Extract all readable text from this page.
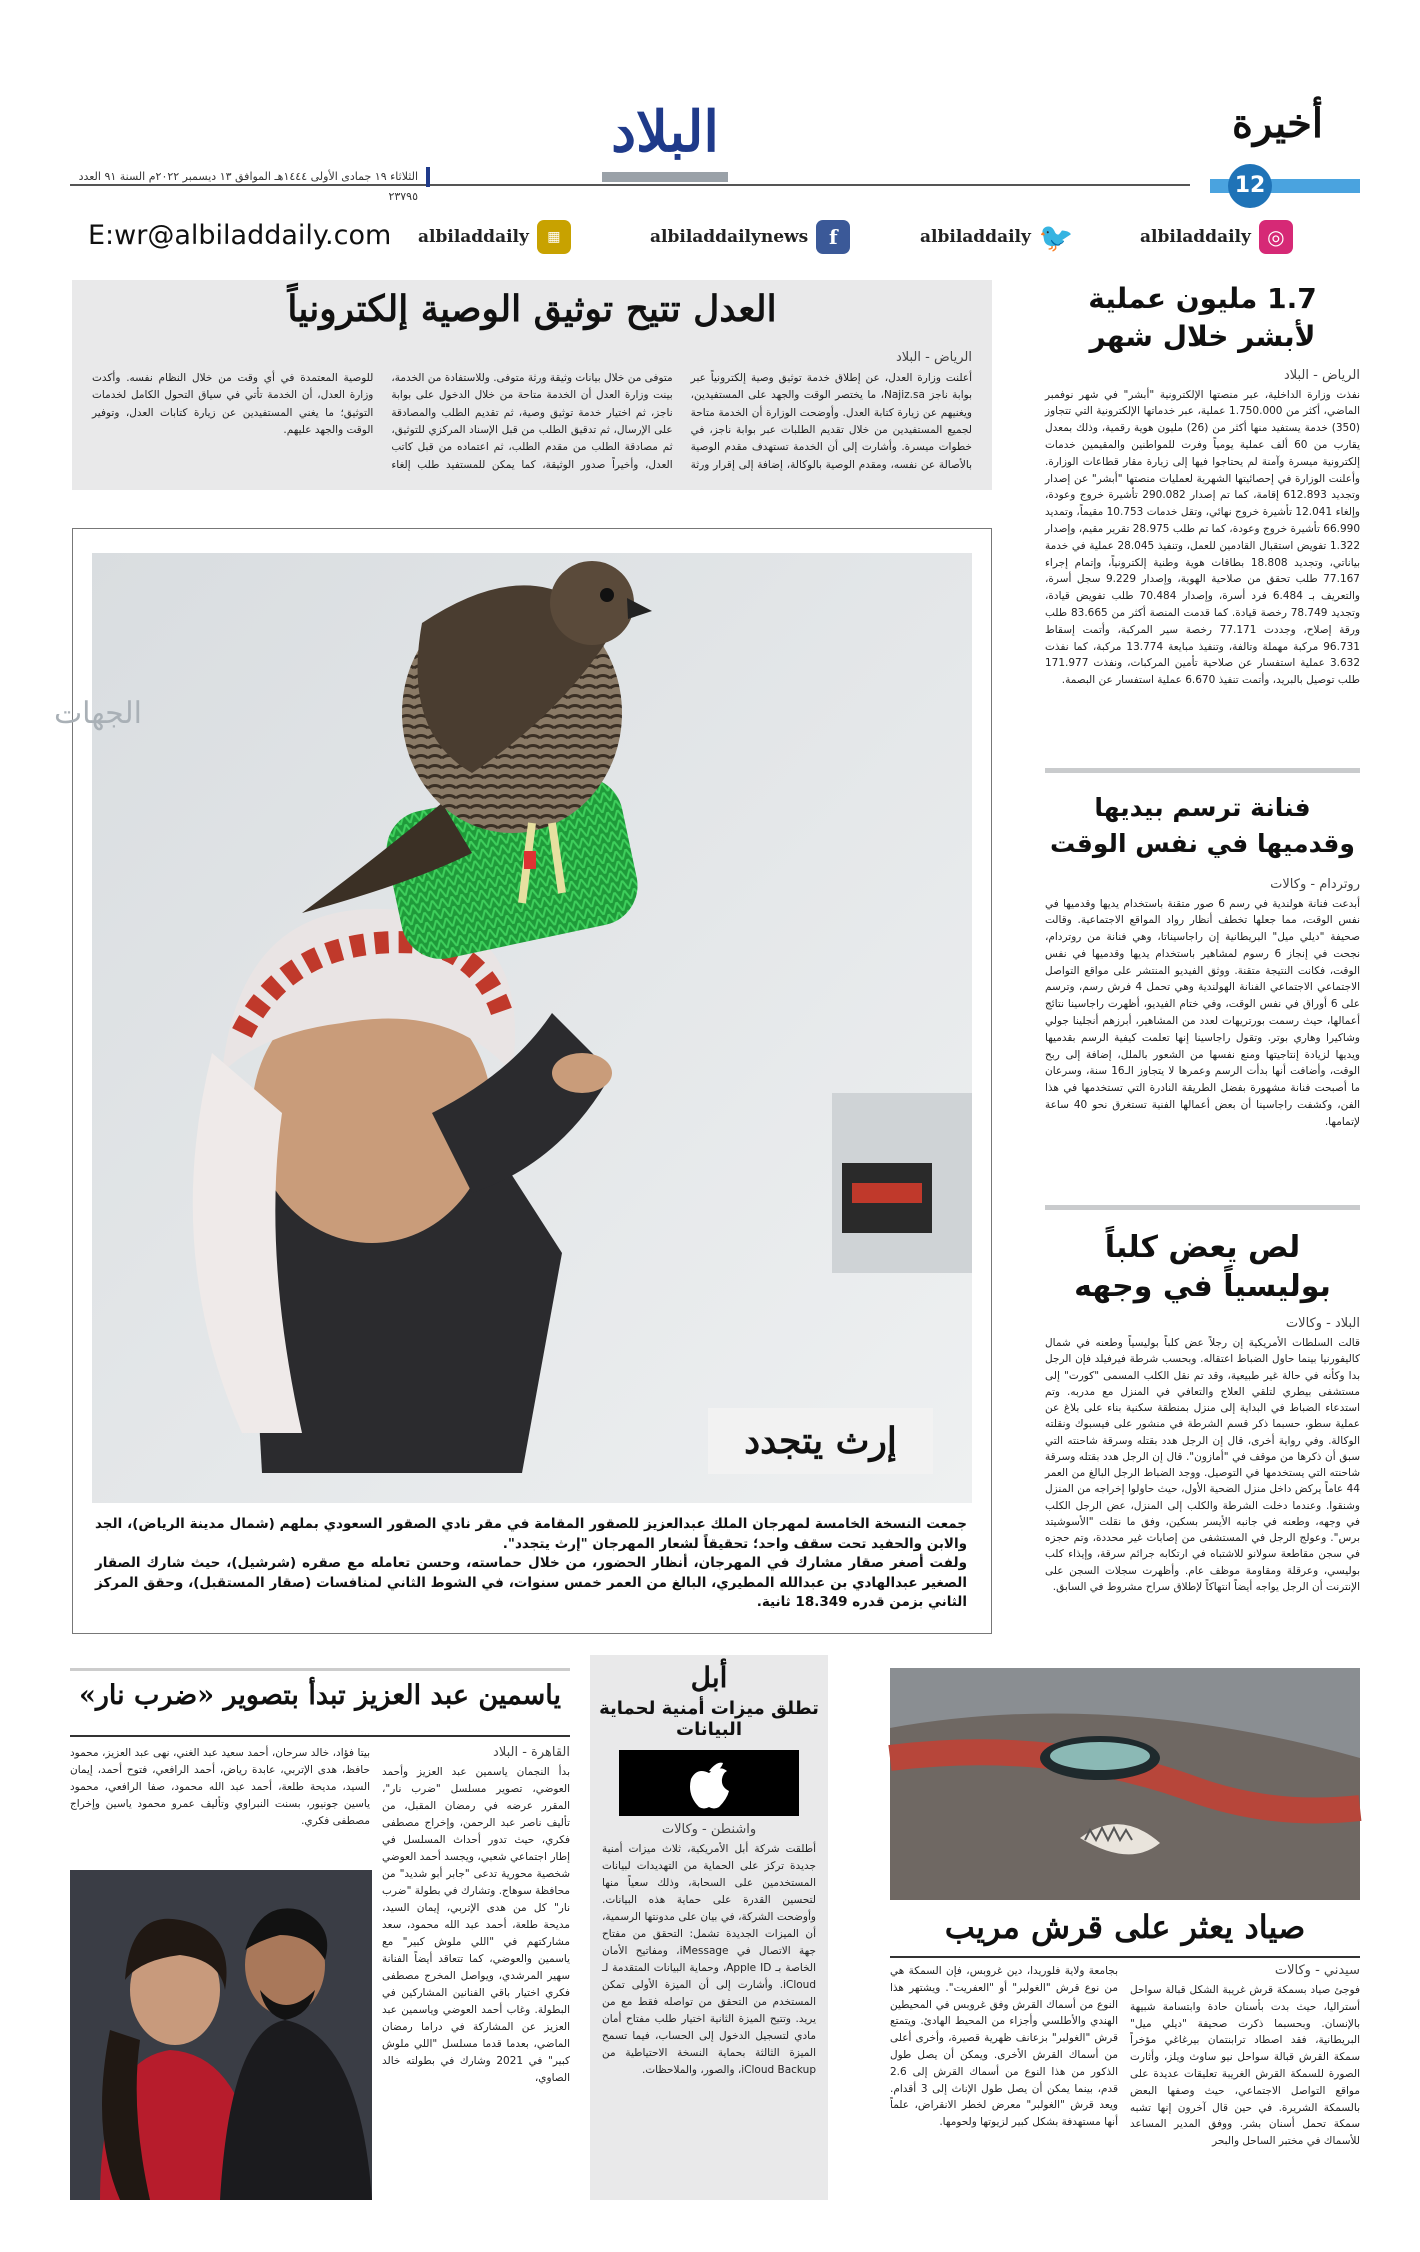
البلاد
الثلاثاء ١٩ جمادى الأولى ١٤٤٤هـ الموافق ١٣ ديسمبر ٢٠٢٢م السنة ٩١ العدد ٢٣٧٩٥
أخيرة
12
◎
albiladdaily
🐦
albiladdaily
f
albiladdailynews
▦
albiladdaily
E:wr@albiladdaily.com
1.7 مليون عملية
لأبشر خلال شهر
الرياض - البلاد
نفذت وزارة الداخلية، عبر منصتها الإلكترونية "أبشر" في شهر نوفمبر الماضي، أكثر من 1.750.000 عملية، عبر خدماتها الإلكترونية التي تتجاوز (350) خدمة يستفيد منها أكثر من (26) مليون هوية رقمية، وذلك بمعدل يقارب من 60 ألف عملية يومياً وفرت للمواطنين والمقيمين خدمات إلكترونية ميسرة وآمنة لم يحتاجوا فيها إلى زيارة مقار قطاعات الوزارة. وأعلنت الوزارة في إحصائيتها الشهرية لعمليات منصتها "أبشر" عن إصدار وتجديد 612.893 إقامة، كما تم إصدار 290.082 تأشيرة خروج وعودة، وإلغاء 12.041 تأشيرة خروج نهائي، وتقل خدمات 10.753 مقيماً، وتمديد 66.990 تأشيرة خروج وعودة، كما تم طلب 28.975 تقرير مقيم، وإصدار 1.322 تفويض استقبال القادمين للعمل، وتنفيذ 28.045 عملية في خدمة بياناتي، وتجديد 18.808 بطاقات هوية وطنية إلكترونياً، وإتمام إجراء 77.167 طلب تحقق من صلاحية الهوية، وإصدار 9.229 سجل أسرة، والتعريف بـ 6.484 فرد أسرة، وإصدار 70.484 طلب تفويض قيادة، وتجديد 78.749 رخصة قيادة. كما قدمت المنصة أكثر من 83.665 طلب ورقة إصلاح، وجددت 77.171 رخصة سير المركبة، وأتمت إسقاط 96.731 مركبة مهملة وتالفة، وتنفيذ مبايعة 13.774 مركبة، كما نفذت 3.632 عملية استفسار عن صلاحية تأمين المركبات، ونفذت 171.977 طلب توصيل بالبريد، وأتمت تنفيذ 6.670 عملية استفسار عن البصمة.
فنانة ترسم بيديها
وقدميها في نفس الوقت
روتردام - وكالات
أبدعت فنانة هولندية في رسم 6 صور متقنة باستخدام يديها وقدميها في نفس الوقت، مما جعلها تخطف أنظار رواد المواقع الاجتماعية. وقالت صحيفة "ديلي ميل" البريطانية إن راجاسيناتا، وهي فنانة من روتردام، نجحت في إنجاز 6 رسوم لمشاهير باستخدام يديها وقدميها في نفس الوقت، فكانت النتيجة متقنة. ووثق الفيديو المنتشر على مواقع التواصل الاجتماعي الاجتماعي الفنانة الهولندية وهي تحمل 4 فرش رسم، وترسم على 6 أوراق في نفس الوقت، وفي ختام الفيديو، أظهرت راجاسينا نتائج أعمالها، حيث رسمت بورتريهات لعدد من المشاهير، أبرزهم أنجلينا جولي وشاكيرا وهاري بوتر. وتقول راجاسينا إنها تعلمت كيفية الرسم بقدميها ويديها لزيادة إنتاجيتها ومنع نفسها من الشعور بالملل، إضافة إلى ربح الوقت، وأضافت أنها بدأت الرسم وعمرها لا يتجاوز الـ16 سنة، وسرعان ما أصبحت فنانة مشهورة بفضل الطريقة النادرة التي تستخدمها في هذا الفن، وكشفت راجاسينا أن بعض أعمالها الفنية تستغرق نحو 40 ساعة لإتمامها.
لص يعض كلباً
بوليسياً في وجهه
البلاد - وكالات
قالت السلطات الأمريكية إن رجلاً عض كلباً بوليسياً وطعنه في شمال كاليفورنيا بينما حاول الضباط اعتقاله. وبحسب شرطة فيرفيلد فإن الرجل بدا وكأنه في حالة غير طبيعية، وقد تم نقل الكلب المسمى "كورت" إلى مستشفى بيطري لتلقي العلاج والتعافي في المنزل مع مدربه. وتم استدعاء الضباط في البداية إلى منزل بمنطقة سكنية بناء على بلاغ عن عملية سطو، حسبما ذكر قسم الشرطة في منشور على فيسبوك ونقلته الوكالة. وفي رواية أخرى، قال إن الرجل هدد بقتله وسرقة شاحنته التي سبق أن ذكرها من موقف في "أمازون". قال إن الرجل هدد بقتله وسرقة شاحنته التي يستخدمها في التوصيل. ووجد الضباط الرجل البالغ من العمر 44 عاماً يركض داخل منزل الضحية الأول، حيث حاولوا إخراجه من المنزل وشنقوا. وعندما دخلت الشرطة والكلب إلى المنزل، عض الرجل الكلب في وجهه، وطعنه في جانبه الأيسر بسكين، وفق ما نقلت "الأسوشيتد برس". وعولج الرجل في المستشفى من إصابات غير محددة، وتم حجزه في سجن مقاطعة سولانو للاشتباه في ارتكابه جرائم سرقة، وإيذاء كلب بوليسي، وعرقلة ومقاومة موظف عام. وأظهرت سجلات السجن على الإنترنت أن الرجل يواجه أيضاً انتهاكاً لإطلاق سراح مشروط في السابق.
العدل تتيح توثيق الوصية إلكترونياً
الرياض - البلاد
أعلنت وزارة العدل، عن إطلاق خدمة توثيق وصية إلكترونياً عبر بوابة ناجز Najiz.sa، ما يختصر الوقت والجهد على المستفيدين، ويغنيهم عن زيارة كتابة العدل. وأوضحت الوزارة أن الخدمة متاحة لجميع المستفيدين من خلال تقديم الطلبات عبر بوابة ناجز، في خطوات ميسرة. وأشارت إلى أن الخدمة تستهدف مقدم الوصية بالأصالة عن نفسه، ومقدم الوصية بالوكالة، إضافة إلى إقرار ورثة متوفى من خلال بيانات وثيقة ورثة متوفى. وللاستفادة من الخدمة، بينت وزارة العدل أن الخدمة متاحة من خلال الدخول على بوابة ناجز، ثم اختيار خدمة توثيق وصية، ثم تقديم الطلب والمصادقة على الإرسال، ثم تدقيق الطلب من قبل الإسناد المركزي للتوثيق، ثم مصادقة الطلب من مقدم الطلب، ثم اعتماده من قبل كاتب العدل، وأخيراً صدور الوثيقة، كما يمكن للمستفيد طلب إلغاء للوصية المعتمدة في أي وقت من خلال النظام نفسه. وأكدت وزارة العدل، أن الخدمة تأتي في سياق التحول الكامل لخدمات التوثيق؛ ما يغني المستفيدين عن زيارة كتابات العدل، وتوفير الوقت والجهد عليهم.
الجهات
إرث يتجدد

جمعت النسخة الخامسة لمهرجان الملك عبدالعزيز للصقور المقامة في مقر نادي الصقور السعودي بملهم (شمال مدينة الرياض)، الجد والابن والحفيد تحت سقف واحد؛ تحقيقاً لشعار المهرجان "إرث يتجدد".

ولفت أصغر صقار مشارك في المهرجان، أنظار الحضور، من خلال حماسته، وحسن تعامله مع صقره (شرشيل)، حيث شارك الصقار الصغير عبدالهادي بن عبدالله المطيري، البالغ من العمر خمس سنوات، في الشوط الثاني لمنافسات (صقار المستقبل)، وحقق المركز الثاني بزمن قدره 18.349 ثانية.

ياسمين عبد العزيز تبدأ بتصوير «ضرب نار»
القاهرة - البلاد
بدأ النجمان ياسمين عبد العزيز وأحمد العوضي، تصوير مسلسل "ضرب نار"، المقرر عرضه في رمضان المقبل، من تأليف ناصر عبد الرحمن، وإخراج مصطفى فكري، حيث تدور أحداث المسلسل في إطار اجتماعي شعبي، ويجسد أحمد العوضي شخصية محورية تدعى "جابر أبو شديد" من محافظة سوهاج. وتشارك في بطولة "ضرب نار" كل من هدى الإتربي، إيمان السيد، مديحة طلعة، أحمد عبد الله محمود، سعد مشاركتهم في "اللي ملوش كبير" مع ياسمين والعوضي، كما تتعاقد أيضاً الفنانة سهير المرشدي، ويواصل المخرج مصطفى فكري اختيار باقي الفنانين المشاركين في البطولة. وغاب أحمد العوضي وياسمين عبد العزيز عن المشاركة في دراما رمضان الماضي، بعدما قدما مسلسل "اللي ملوش كبير" في 2021 وشارك في بطولته خالد الصاوي،
بيتا فؤاد، خالد سرحان، أحمد سعيد عبد الغني، نهى عبد العزيز، محمود حافظ، هدى الإتربي، عابدة رياض، أحمد الرافعي، فتوح أحمد، إيمان السيد، مديحة طلعة، أحمد عبد الله محمود، صفا الرافعي، محمود ياسين جونيور، بسنت النبراوي وتأليف عمرو محمود ياسين وإخراج مصطفى فكري.
أبل
تطلق ميزات أمنية لحماية البيانات
واشنطن - وكالات
أطلقت شركة أبل الأمريكية، ثلاث ميزات أمنية جديدة تركز على الحماية من التهديدات لبيانات المستخدمين على السحابة، وذلك سعياً منها لتحسين القدرة على حماية هذه البيانات. وأوضحت الشركة، في بيان على مدونتها الرسمية، أن الميزات الجديدة تشمل: التحقق من مفتاح جهة الاتصال في iMessage، ومفاتيح الأمان الخاصة بـ Apple ID، وحماية البيانات المتقدمة لـ iCloud. وأشارت إلى أن الميزة الأولى تمكن المستخدم من التحقق من تواصله فقط مع من يريد. وتتيح الميزة الثانية اختيار طلب مفتاح أمان مادي لتسجيل الدخول إلى الحساب، فيما تسمح الميزة الثالثة بحماية النسخة الاحتياطية من iCloud Backup، والصور، والملاحظات.
صياد يعثر على قرش مريب
سيدني - وكالات
فوجئ صياد بسمكة قرش غريبة الشكل قبالة سواحل أستراليا، حيث بدت بأسنان حادة وابتسامة شبيهة بالإنسان. وبحسبما ذكرت صحيفة "ديلي ميل" البريطانية، فقد اصطاد ترابنتمان بيرغاغي مؤخراً سمكة القرش قبالة سواحل نيو ساوث ويلز، وأثارت الصورة للسمكة القرش الغريبة تعليقات عديدة على مواقع التواصل الاجتماعي، حيث وصفها البعض بالسمكة الشريرة. في حين قال آخرون إنها تشبه سمكة تحمل أسنان بشر. ووفق المدير المساعد للأسماك في مختبر الساحل والبحر
بجامعة ولاية فلوريدا، دين غروبس، فإن السمكة هي من نوع قرش "الغولبر" أو "العفريت". ويشتهر هذا النوع من أسماك القرش وفق غروبس في المحيطين الهندي والأطلسي وأجزاء من المحيط الهادئ. ويتمتع قرش "الغولبر" بزعانف ظهرية قصيرة، وأخرى أعلى من أسماك القرش الأخرى. ويمكن أن يصل طول الذكور من هذا النوع من أسماك القرش إلى 2.6 قدم، بينما يمكن أن يصل طول الإناث إلى 3 أقدام. ويعد قرش "الغولبر" معرض لخطر الانقراض، علماً أنها مستهدفة بشكل كبير لزيوتها ولحومها.
